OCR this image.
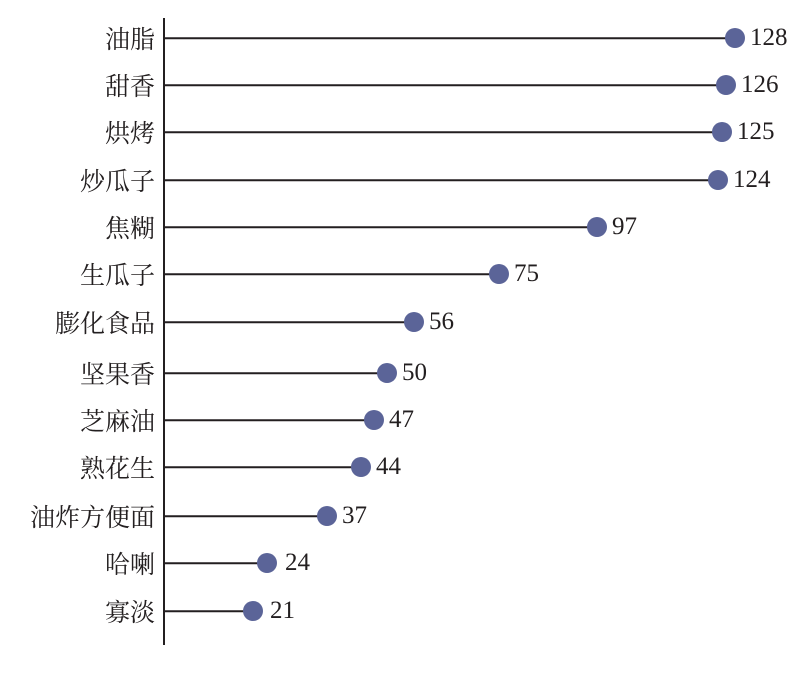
油脂	128
甜香	126
烘烤	125
炒瓜子	124
焦糊	97
生瓜子	75
膨化食品	56
坚果香	50
芝麻油	47
熟花生	44
油炸方便面	37
哈喇	24
寡淡	21
